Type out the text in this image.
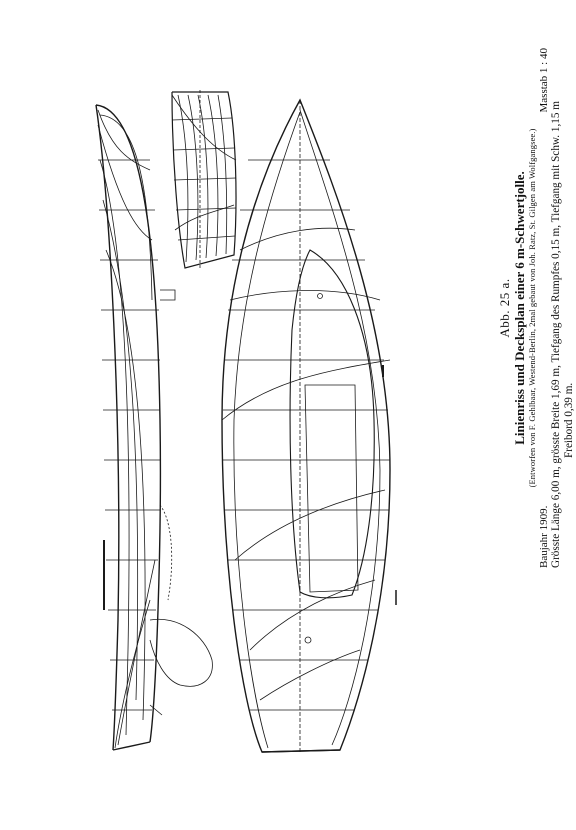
Abb. 25 a. Linienriss und Decksplan einer 6 m-Schwertjolle. (Entworfen von F. Gehlbaar, Westend-Berlin, 2mal gebaut von Joh. Ratz, St. Gilgen am Wolfgangsee.)
Baujahr 1909.
Masstab 1 : 40
Grösste Länge 6,00 m, grösste Breite 1,69 m, Tiefgang des Rumpfes 0,15 m, Tiefgang mit Schw. 1,15 m Freibord 0,39 m.
